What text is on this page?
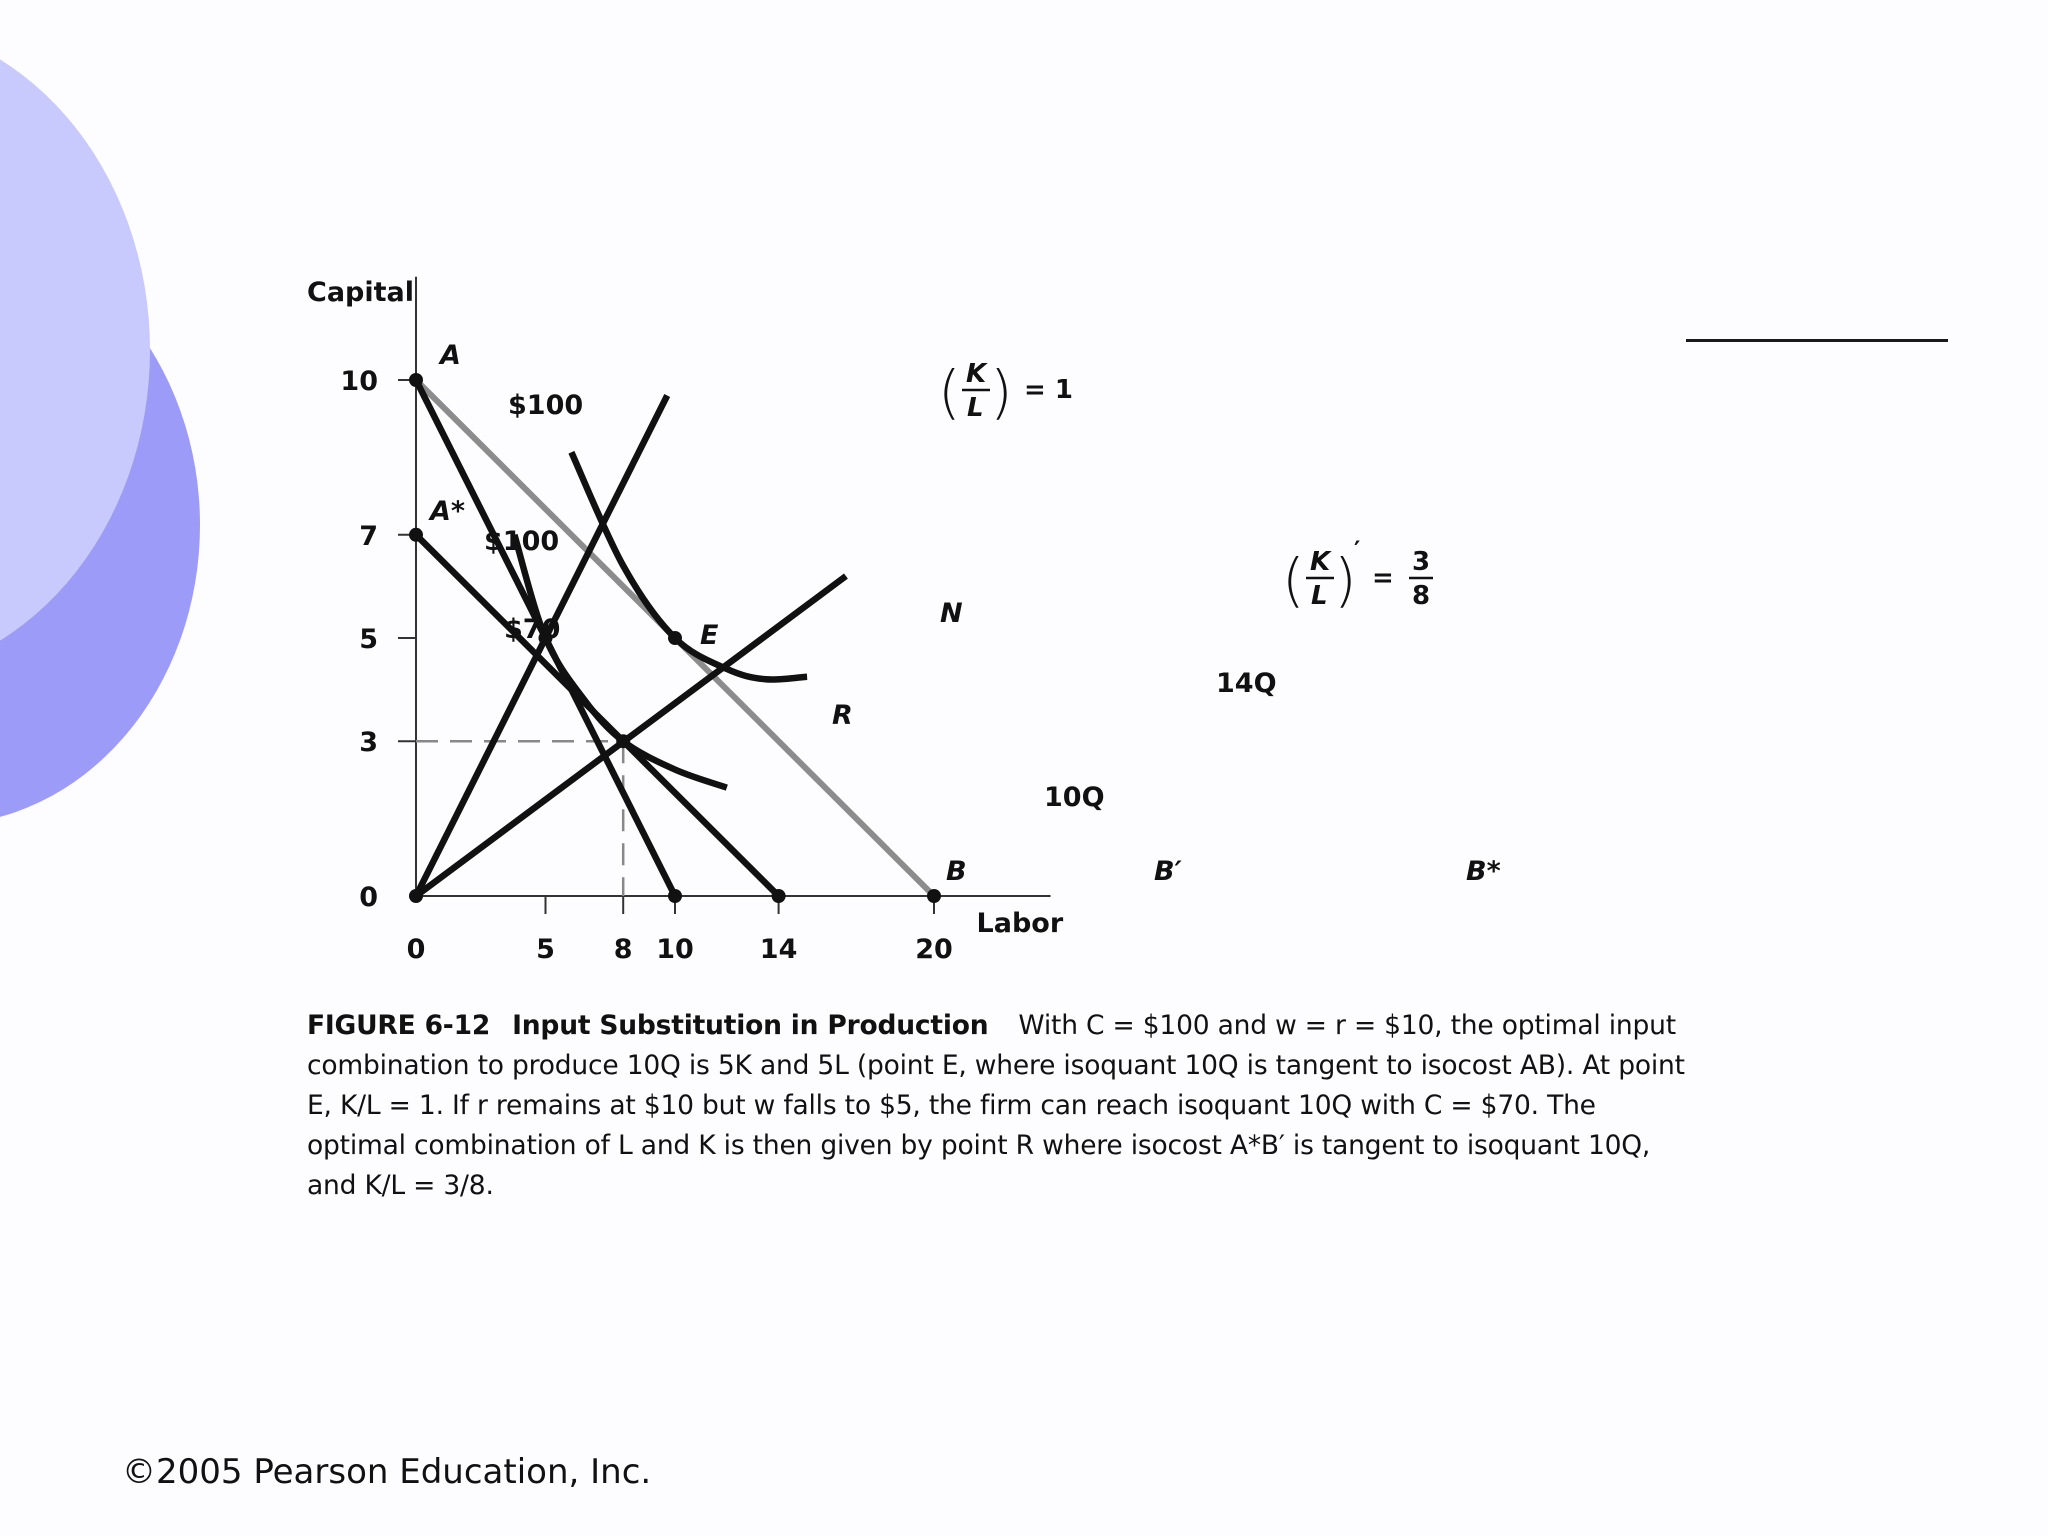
Labor
Capital
0	5 8 10 14	20
0
3
5
7
10
A
A*
B	B′	B*
E
R
N
$100
$100
$70
10Q
14Q
( K
L ) = 1
( K
L )
′
=
3
8
FIGURE 6-12 Input Substitution in Production With C = $100 and w = r = $10, the optimal input combination to produce 10Q is 5K and 5L (point E, where isoquant 10Q is tangent to isocost AB). At point E, K/L = 1. If r remains at $10 but w falls to $5, the firm can reach isoquant 10Q with C = $70. The optimal combination of L and K is then given by point R where isocost A*B′ is tangent to isoquant 10Q, and K/L = 3/8.
©2005 Pearson Education, Inc.
